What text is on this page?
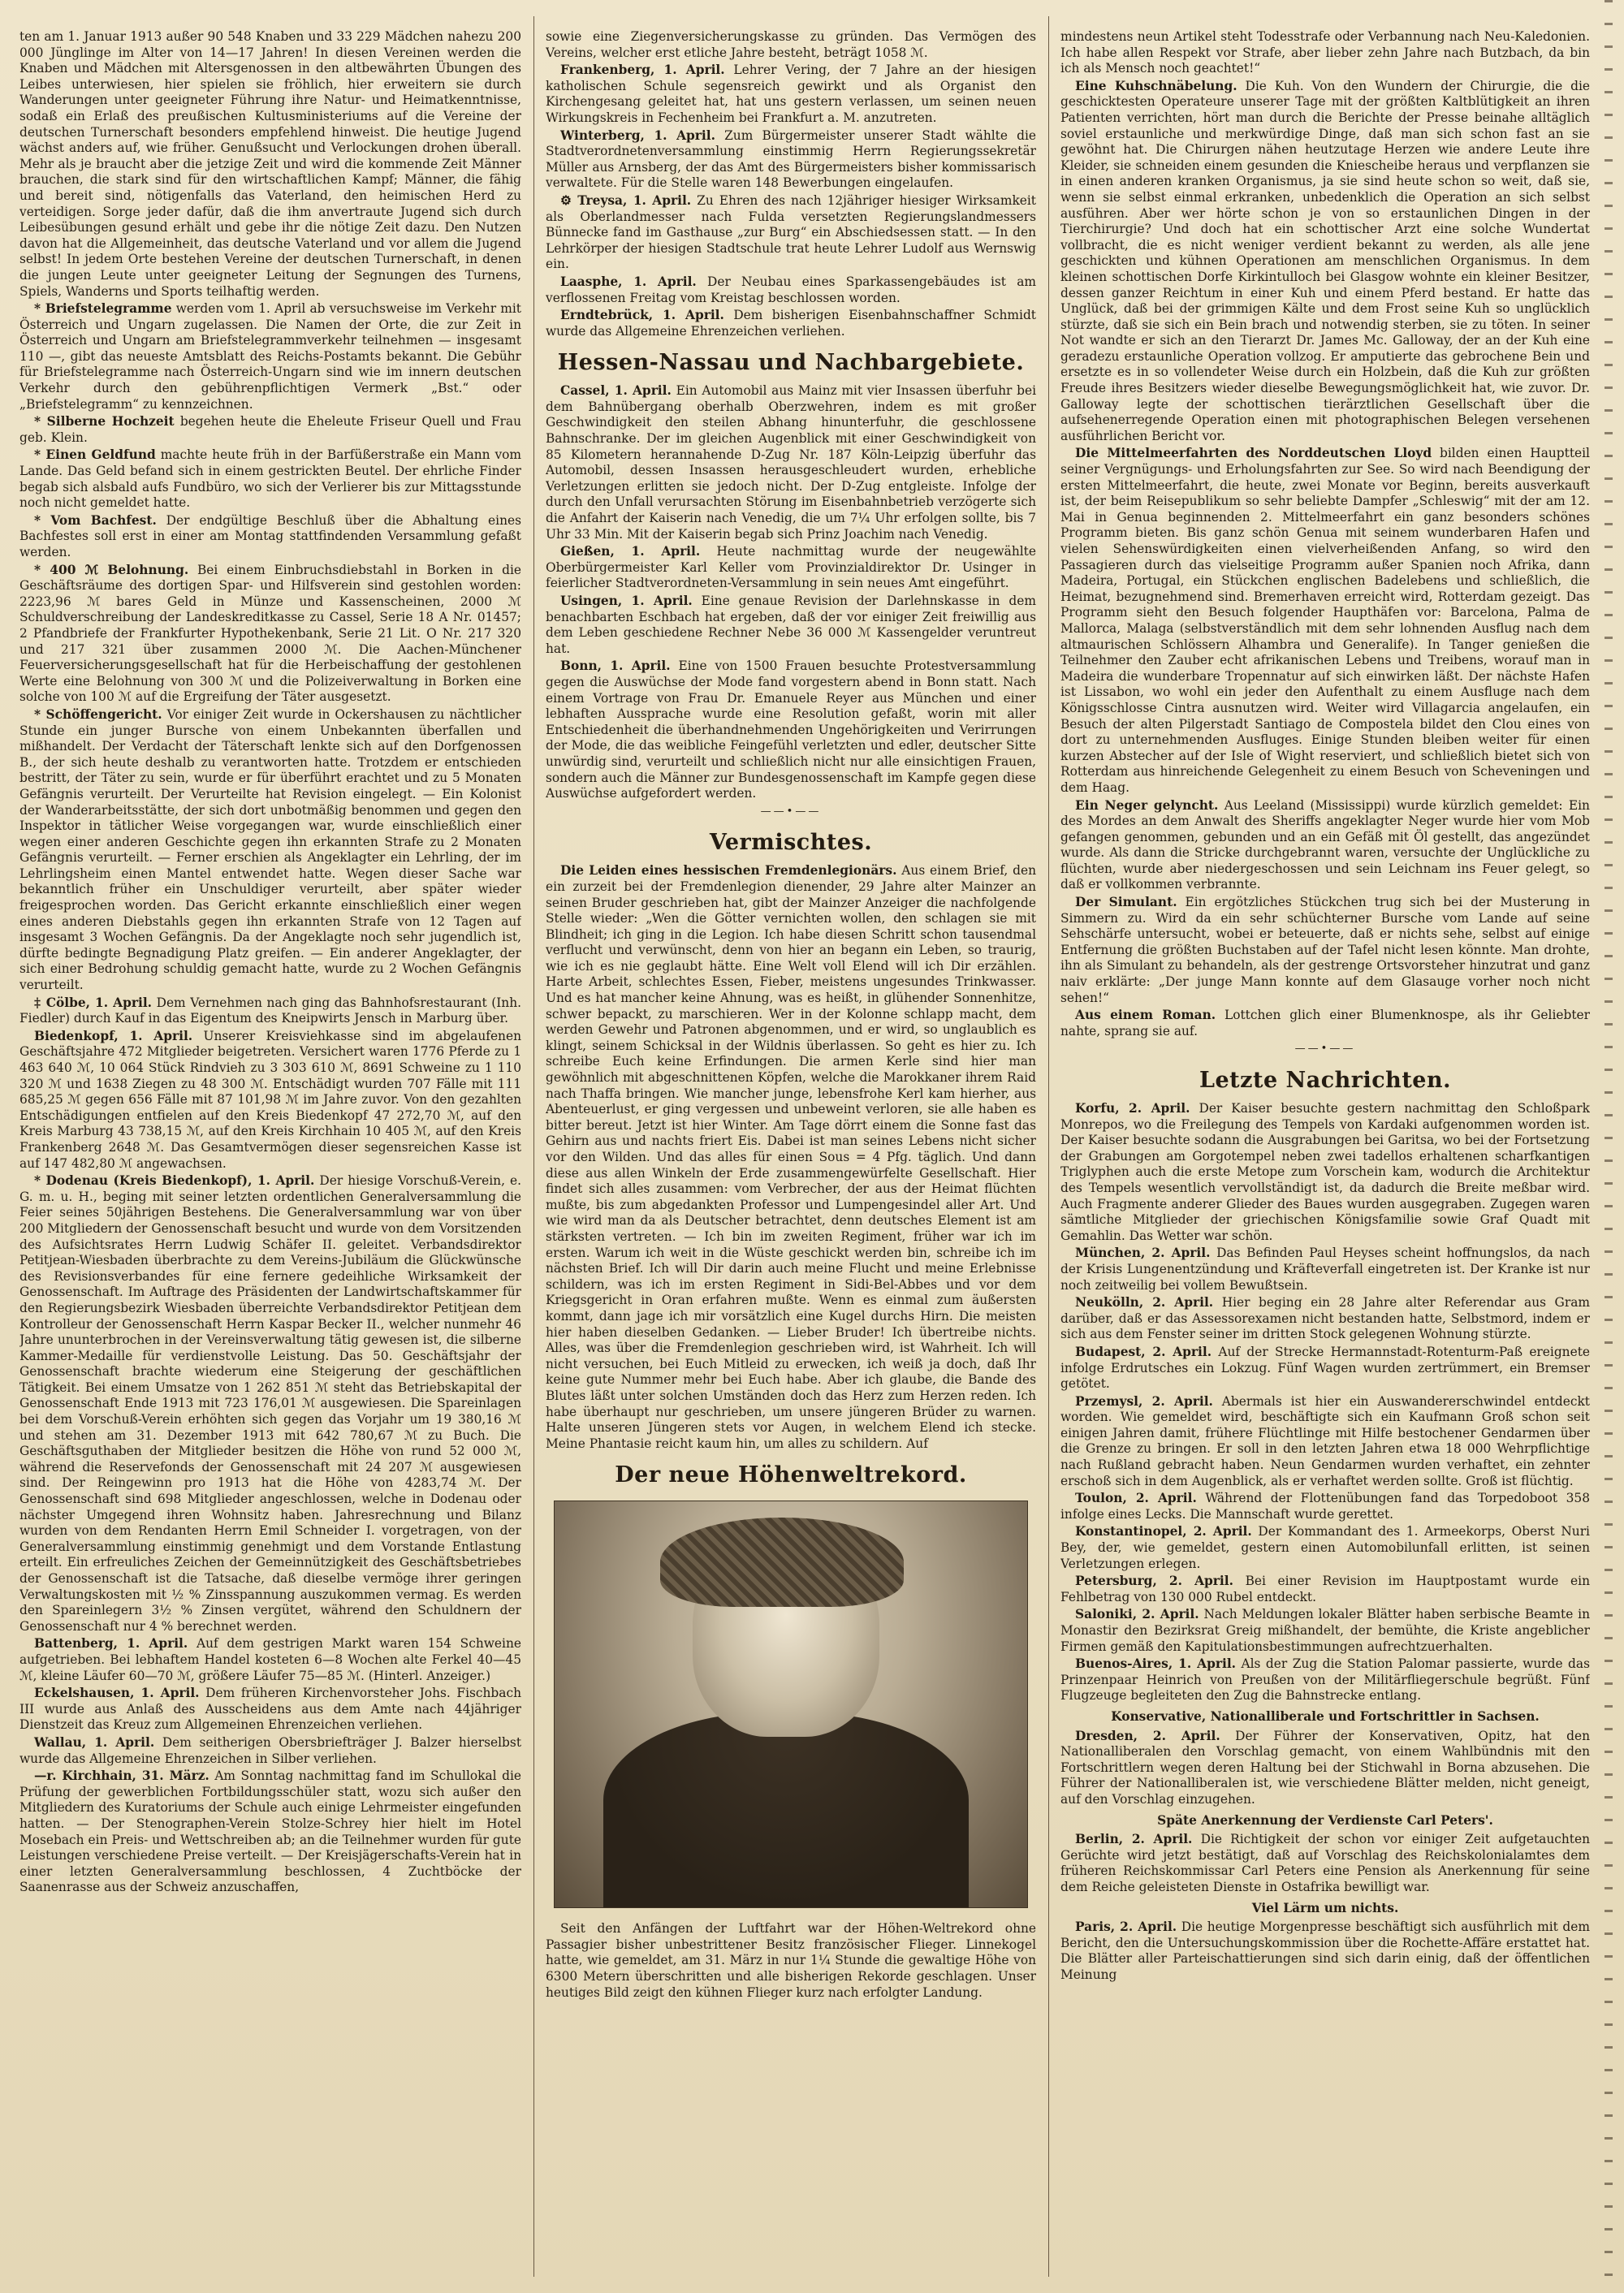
ten am 1. Januar 1913 außer 90 548 Knaben und 33 229 Mädchen nahezu 200 000 Jünglinge im Alter von 14—17 Jahren! In diesen Vereinen werden die Knaben und Mädchen mit Altersgenossen in den altbewährten Übungen des Leibes unterwiesen, hier spielen sie fröhlich, hier erweitern sie durch Wanderungen unter geeigneter Führung ihre Natur- und Heimatkenntnisse, sodaß ein Erlaß des preußischen Kultusministeriums auf die Vereine der deutschen Turnerschaft besonders empfehlend hinweist. Die heutige Jugend wächst anders auf, wie früher. Genußsucht und Verlockungen drohen überall. Mehr als je braucht aber die jetzige Zeit und wird die kommende Zeit Männer brauchen, die stark sind für den wirtschaftlichen Kampf; Männer, die fähig und bereit sind, nötigenfalls das Vaterland, den heimischen Herd zu verteidigen. Sorge jeder dafür, daß die ihm anvertraute Jugend sich durch Leibesübungen gesund erhält und gebe ihr die nötige Zeit dazu. Den Nutzen davon hat die Allgemeinheit, das deutsche Vaterland und vor allem die Jugend selbst! In jedem Orte bestehen Vereine der deutschen Turnerschaft, in denen die jungen Leute unter geeigneter Leitung der Segnungen des Turnens, Spiels, Wanderns und Sports teilhaftig werden.

* Briefstelegramme werden vom 1. April ab versuchsweise im Verkehr mit Österreich und Ungarn zugelassen. Die Namen der Orte, die zur Zeit in Österreich und Ungarn am Briefstelegrammverkehr teilnehmen — insgesamt 110 —, gibt das neueste Amtsblatt des Reichs-Postamts bekannt. Die Gebühr für Briefstelegramme nach Österreich-Ungarn sind wie im innern deutschen Verkehr durch den gebührenpflichtigen Vermerk „Bst.“ oder „Briefstelegramm“ zu kennzeichnen.

* Silberne Hochzeit begehen heute die Eheleute Friseur Quell und Frau geb. Klein.

* Einen Geldfund machte heute früh in der Barfüßerstraße ein Mann vom Lande. Das Geld befand sich in einem gestrickten Beutel. Der ehrliche Finder begab sich alsbald aufs Fundbüro, wo sich der Verlierer bis zur Mittagsstunde noch nicht gemeldet hatte.

* Vom Bachfest. Der endgültige Beschluß über die Abhaltung eines Bachfestes soll erst in einer am Montag stattfindenden Versammlung gefaßt werden.

* 400 ℳ Belohnung. Bei einem Einbruchsdiebstahl in Borken in die Geschäftsräume des dortigen Spar- und Hilfsverein sind gestohlen worden: 2223,96 ℳ bares Geld in Münze und Kassenscheinen, 2000 ℳ Schuldverschreibung der Landeskreditkasse zu Cassel, Serie 18 A Nr. 01457; 2 Pfandbriefe der Frankfurter Hypothekenbank, Serie 21 Lit. O Nr. 217 320 und 217 321 über zusammen 2000 ℳ. Die Aachen-Münchener Feuerversicherungsgesellschaft hat für die Herbeischaffung der gestohlenen Werte eine Belohnung von 300 ℳ und die Polizeiverwaltung in Borken eine solche von 100 ℳ auf die Ergreifung der Täter ausgesetzt.

* Schöffengericht. Vor einiger Zeit wurde in Ockershausen zu nächtlicher Stunde ein junger Bursche von einem Unbekannten überfallen und mißhandelt. Der Verdacht der Täterschaft lenkte sich auf den Dorfgenossen B., der sich heute deshalb zu verantworten hatte. Trotzdem er entschieden bestritt, der Täter zu sein, wurde er für überführt erachtet und zu 5 Monaten Gefängnis verurteilt. Der Verurteilte hat Revision eingelegt. — Ein Kolonist der Wanderarbeitsstätte, der sich dort unbotmäßig benommen und gegen den Inspektor in tätlicher Weise vorgegangen war, wurde einschließlich einer wegen einer anderen Geschichte gegen ihn erkannten Strafe zu 2 Monaten Gefängnis verurteilt. — Ferner erschien als Angeklagter ein Lehrling, der im Lehrlingsheim einen Mantel entwendet hatte. Wegen dieser Sache war bekanntlich früher ein Unschuldiger verurteilt, aber später wieder freigesprochen worden. Das Gericht erkannte einschließlich einer wegen eines anderen Diebstahls gegen ihn erkannten Strafe von 12 Tagen auf insgesamt 3 Wochen Gefängnis. Da der Angeklagte noch sehr jugendlich ist, dürfte bedingte Begnadigung Platz greifen. — Ein anderer Angeklagter, der sich einer Bedrohung schuldig gemacht hatte, wurde zu 2 Wochen Gefängnis verurteilt.

‡ Cölbe, 1. April. Dem Vernehmen nach ging das Bahnhofsrestaurant (Inh. Fiedler) durch Kauf in das Eigentum des Kneipwirts Jensch in Marburg über.

Biedenkopf, 1. April. Unserer Kreisviehkasse sind im abgelaufenen Geschäftsjahre 472 Mitglieder beigetreten. Versichert waren 1776 Pferde zu 1 463 640 ℳ, 10 064 Stück Rindvieh zu 3 303 610 ℳ, 8691 Schweine zu 1 110 320 ℳ und 1638 Ziegen zu 48 300 ℳ. Entschädigt wurden 707 Fälle mit 111 685,25 ℳ gegen 656 Fälle mit 87 101,98 ℳ im Jahre zuvor. Von den gezahlten Entschädigungen entfielen auf den Kreis Biedenkopf 47 272,70 ℳ, auf den Kreis Marburg 43 738,15 ℳ, auf den Kreis Kirchhain 10 405 ℳ, auf den Kreis Frankenberg 2648 ℳ. Das Gesamtvermögen dieser segensreichen Kasse ist auf 147 482,80 ℳ angewachsen.

* Dodenau (Kreis Biedenkopf), 1. April. Der hiesige Vorschuß-Verein, e. G. m. u. H., beging mit seiner letzten ordentlichen Generalversammlung die Feier seines 50jährigen Bestehens. Die Generalversammlung war von über 200 Mitgliedern der Genossenschaft besucht und wurde von dem Vorsitzenden des Aufsichtsrates Herrn Ludwig Schäfer II. geleitet. Verbandsdirektor Petitjean-Wiesbaden überbrachte zu dem Vereins-Jubiläum die Glückwünsche des Revisionsverbandes für eine fernere gedeihliche Wirksamkeit der Genossenschaft. Im Auftrage des Präsidenten der Landwirtschaftskammer für den Regierungsbezirk Wiesbaden überreichte Verbandsdirektor Petitjean dem Kontrolleur der Genossenschaft Herrn Kaspar Becker II., welcher nunmehr 46 Jahre ununterbrochen in der Vereinsverwaltung tätig gewesen ist, die silberne Kammer-Medaille für verdienstvolle Leistung. Das 50. Geschäftsjahr der Genossenschaft brachte wiederum eine Steigerung der geschäftlichen Tätigkeit. Bei einem Umsatze von 1 262 851 ℳ steht das Betriebskapital der Genossenschaft Ende 1913 mit 723 176,01 ℳ ausgewiesen. Die Spareinlagen bei dem Vorschuß-Verein erhöhten sich gegen das Vorjahr um 19 380,16 ℳ und stehen am 31. Dezember 1913 mit 642 780,67 ℳ zu Buch. Die Geschäftsguthaben der Mitglieder besitzen die Höhe von rund 52 000 ℳ, während die Reservefonds der Genossenschaft mit 24 207 ℳ ausgewiesen sind. Der Reingewinn pro 1913 hat die Höhe von 4283,74 ℳ. Der Genossenschaft sind 698 Mitglieder angeschlossen, welche in Dodenau oder nächster Umgegend ihren Wohnsitz haben. Jahresrechnung und Bilanz wurden von dem Rendanten Herrn Emil Schneider I. vorgetragen, von der Generalversammlung einstimmig genehmigt und dem Vorstande Entlastung erteilt. Ein erfreuliches Zeichen der Gemeinnützigkeit des Geschäftsbetriebes der Genossenschaft ist die Tatsache, daß dieselbe vermöge ihrer geringen Verwaltungskosten mit ½ % Zinsspannung auszukommen vermag. Es werden den Spareinlegern 3½ % Zinsen vergütet, während den Schuldnern der Genossenschaft nur 4 % berechnet werden.

Battenberg, 1. April. Auf dem gestrigen Markt waren 154 Schweine aufgetrieben. Bei lebhaftem Handel kosteten 6—8 Wochen alte Ferkel 40—45 ℳ, kleine Läufer 60—70 ℳ, größere Läufer 75—85 ℳ. (Hinterl. Anzeiger.)

Eckelshausen, 1. April. Dem früheren Kirchenvorsteher Johs. Fischbach III wurde aus Anlaß des Ausscheidens aus dem Amte nach 44jähriger Dienstzeit das Kreuz zum Allgemeinen Ehrenzeichen verliehen.

Wallau, 1. April. Dem seitherigen Obersbriefträger J. Balzer hierselbst wurde das Allgemeine Ehrenzeichen in Silber verliehen.

—r. Kirchhain, 31. März. Am Sonntag nachmittag fand im Schullokal die Prüfung der gewerblichen Fortbildungsschüler statt, wozu sich außer den Mitgliedern des Kuratoriums der Schule auch einige Lehrmeister eingefunden hatten. — Der Stenographen-Verein Stolze-Schrey hier hielt im Hotel Mosebach ein Preis- und Wettschreiben ab; an die Teilnehmer wurden für gute Leistungen verschiedene Preise verteilt. — Der Kreisjägerschafts-Verein hat in einer letzten Generalversammlung beschlossen, 4 Zuchtböcke der Saanenrasse aus der Schweiz anzuschaffen,

sowie eine Ziegenversicherungskasse zu gründen. Das Vermögen des Vereins, welcher erst etliche Jahre besteht, beträgt 1058 ℳ.

Frankenberg, 1. April. Lehrer Vering, der 7 Jahre an der hiesigen katholischen Schule segensreich gewirkt und als Organist den Kirchengesang geleitet hat, hat uns gestern verlassen, um seinen neuen Wirkungskreis in Fechenheim bei Frankfurt a. M. anzutreten.

Winterberg, 1. April. Zum Bürgermeister unserer Stadt wählte die Stadtverordnetenversammlung einstimmig Herrn Regierungssekretär Müller aus Arnsberg, der das Amt des Bürgermeisters bisher kommissarisch verwaltete. Für die Stelle waren 148 Bewerbungen eingelaufen.

⚙ Treysa, 1. April. Zu Ehren des nach 12jähriger hiesiger Wirksamkeit als Oberlandmesser nach Fulda versetzten Regierungslandmessers Bünnecke fand im Gasthause „zur Burg“ ein Abschiedsessen statt. — In den Lehrkörper der hiesigen Stadtschule trat heute Lehrer Ludolf aus Wernswig ein.

Laasphe, 1. April. Der Neubau eines Sparkassengebäudes ist am verflossenen Freitag vom Kreistag beschlossen worden.

Erndtebrück, 1. April. Dem bisherigen Eisenbahnschaffner Schmidt wurde das Allgemeine Ehrenzeichen verliehen.

Hessen-Nassau und Nachbargebiete.

Cassel, 1. April. Ein Automobil aus Mainz mit vier Insassen überfuhr bei dem Bahnübergang oberhalb Oberzwehren, indem es mit großer Geschwindigkeit den steilen Abhang hinunterfuhr, die geschlossene Bahnschranke. Der im gleichen Augenblick mit einer Geschwindigkeit von 85 Kilometern herannahende D-Zug Nr. 187 Köln-Leipzig überfuhr das Automobil, dessen Insassen herausgeschleudert wurden, erhebliche Verletzungen erlitten sie jedoch nicht. Der D-Zug entgleiste. Infolge der durch den Unfall verursachten Störung im Eisenbahnbetrieb verzögerte sich die Anfahrt der Kaiserin nach Venedig, die um 7¼ Uhr erfolgen sollte, bis 7 Uhr 33 Min. Mit der Kaiserin begab sich Prinz Joachim nach Venedig.

Gießen, 1. April. Heute nachmittag wurde der neugewählte Oberbürgermeister Karl Keller vom Provinzialdirektor Dr. Usinger in feierlicher Stadtverordneten-Versammlung in sein neues Amt eingeführt.

Usingen, 1. April. Eine genaue Revision der Darlehnskasse in dem benachbarten Eschbach hat ergeben, daß der vor einiger Zeit freiwillig aus dem Leben geschiedene Rechner Nebe 36 000 ℳ Kassengelder veruntreut hat.

Bonn, 1. April. Eine von 1500 Frauen besuchte Protestversammlung gegen die Auswüchse der Mode fand vorgestern abend in Bonn statt. Nach einem Vortrage von Frau Dr. Emanuele Reyer aus München und einer lebhaften Aussprache wurde eine Resolution gefaßt, worin mit aller Entschiedenheit die überhandnehmenden Ungehörigkeiten und Verirrungen der Mode, die das weibliche Feingefühl verletzten und edler, deutscher Sitte unwürdig sind, verurteilt und schließlich nicht nur alle einsichtigen Frauen, sondern auch die Männer zur Bundesgenossenschaft im Kampfe gegen diese Auswüchse aufgefordert werden.

——•——
Vermischtes.

Die Leiden eines hessischen Fremdenlegionärs. Aus einem Brief, den ein zurzeit bei der Fremdenlegion dienender, 29 Jahre alter Mainzer an seinen Bruder geschrieben hat, gibt der Mainzer Anzeiger die nachfolgende Stelle wieder: „Wen die Götter vernichten wollen, den schlagen sie mit Blindheit; ich ging in die Legion. Ich habe diesen Schritt schon tausendmal verflucht und verwünscht, denn von hier an begann ein Leben, so traurig, wie ich es nie geglaubt hätte. Eine Welt voll Elend will ich Dir erzählen. Harte Arbeit, schlechtes Essen, Fieber, meistens ungesundes Trinkwasser. Und es hat mancher keine Ahnung, was es heißt, in glühender Sonnenhitze, schwer bepackt, zu marschieren. Wer in der Kolonne schlapp macht, dem werden Gewehr und Patronen abgenommen, und er wird, so unglaublich es klingt, seinem Schicksal in der Wildnis überlassen. So geht es hier zu. Ich schreibe Euch keine Erfindungen. Die armen Kerle sind hier man gewöhnlich mit abgeschnittenen Köpfen, welche die Marokkaner ihrem Raid nach Thaffa bringen. Wie mancher junge, lebensfrohe Kerl kam hierher, aus Abenteuerlust, er ging vergessen und unbeweint verloren, sie alle haben es bitter bereut. Jetzt ist hier Winter. Am Tage dörrt einem die Sonne fast das Gehirn aus und nachts friert Eis. Dabei ist man seines Lebens nicht sicher vor den Wilden. Und das alles für einen Sous = 4 Pfg. täglich. Und dann diese aus allen Winkeln der Erde zusammengewürfelte Gesellschaft. Hier findet sich alles zusammen: vom Verbrecher, der aus der Heimat flüchten mußte, bis zum abgedankten Professor und Lumpengesindel aller Art. Und wie wird man da als Deutscher betrachtet, denn deutsches Element ist am stärksten vertreten. — Ich bin im zweiten Regiment, früher war ich im ersten. Warum ich weit in die Wüste geschickt werden bin, schreibe ich im nächsten Brief. Ich will Dir darin auch meine Flucht und meine Erlebnisse schildern, was ich im ersten Regiment in Sidi-Bel-Abbes und vor dem Kriegsgericht in Oran erfahren mußte. Wenn es einmal zum äußersten kommt, dann jage ich mir vorsätzlich eine Kugel durchs Hirn. Die meisten hier haben dieselben Gedanken. — Lieber Bruder! Ich übertreibe nichts. Alles, was über die Fremdenlegion geschrieben wird, ist Wahrheit. Ich will nicht versuchen, bei Euch Mitleid zu erwecken, ich weiß ja doch, daß Ihr keine gute Nummer mehr bei Euch habe. Aber ich glaube, die Bande des Blutes läßt unter solchen Umständen doch das Herz zum Herzen reden. Ich habe überhaupt nur geschrieben, um unsere jüngeren Brüder zu warnen. Halte unseren Jüngeren stets vor Augen, in welchem Elend ich stecke. Meine Phantasie reicht kaum hin, um alles zu schildern. Auf

Der neue Höhenweltrekord.

Seit den Anfängen der Luftfahrt war der Höhen-Weltrekord ohne Passagier bisher unbestrittener Besitz französischer Flieger. Linnekogel hatte, wie gemeldet, am 31. März in nur 1¼ Stunde die gewaltige Höhe von 6300 Metern überschritten und alle bisherigen Rekorde geschlagen. Unser heutiges Bild zeigt den kühnen Flieger kurz nach erfolgter Landung.

mindestens neun Artikel steht Todesstrafe oder Verbannung nach Neu-Kaledonien. Ich habe allen Respekt vor Strafe, aber lieber zehn Jahre nach Butzbach, da bin ich als Mensch noch geachtet!“

Eine Kuhschnäbelung. Die Kuh. Von den Wundern der Chirurgie, die die geschicktesten Operateure unserer Tage mit der größten Kaltblütigkeit an ihren Patienten verrichten, hört man durch die Berichte der Presse beinahe alltäglich soviel erstaunliche und merkwürdige Dinge, daß man sich schon fast an sie gewöhnt hat. Die Chirurgen nähen heutzutage Herzen wie andere Leute ihre Kleider, sie schneiden einem gesunden die Kniescheibe heraus und verpflanzen sie in einen anderen kranken Organismus, ja sie sind heute schon so weit, daß sie, wenn sie selbst einmal erkranken, unbedenklich die Operation an sich selbst ausführen. Aber wer hörte schon je von so erstaunlichen Dingen in der Tierchirurgie? Und doch hat ein schottischer Arzt eine solche Wundertat vollbracht, die es nicht weniger verdient bekannt zu werden, als alle jene geschickten und kühnen Operationen am menschlichen Organismus. In dem kleinen schottischen Dorfe Kirkintulloch bei Glasgow wohnte ein kleiner Besitzer, dessen ganzer Reichtum in einer Kuh und einem Pferd bestand. Er hatte das Unglück, daß bei der grimmigen Kälte und dem Frost seine Kuh so unglücklich stürzte, daß sie sich ein Bein brach und notwendig sterben, sie zu töten. In seiner Not wandte er sich an den Tierarzt Dr. James Mc. Galloway, der an der Kuh eine geradezu erstaunliche Operation vollzog. Er amputierte das gebrochene Bein und ersetzte es in so vollendeter Weise durch ein Holzbein, daß die Kuh zur größten Freude ihres Besitzers wieder dieselbe Bewegungsmöglichkeit hat, wie zuvor. Dr. Galloway legte der schottischen tierärztlichen Gesellschaft über die aufsehenerregende Operation einen mit photographischen Belegen versehenen ausführlichen Bericht vor.

Die Mittelmeerfahrten des Norddeutschen Lloyd bilden einen Hauptteil seiner Vergnügungs- und Erholungsfahrten zur See. So wird nach Beendigung der ersten Mittelmeerfahrt, die heute, zwei Monate vor Beginn, bereits ausverkauft ist, der beim Reisepublikum so sehr beliebte Dampfer „Schleswig“ mit der am 12. Mai in Genua beginnenden 2. Mittelmeerfahrt ein ganz besonders schönes Programm bieten. Bis ganz schön Genua mit seinem wunderbaren Hafen und vielen Sehenswürdigkeiten einen vielverheißenden Anfang, so wird den Passagieren durch das vielseitige Programm außer Spanien noch Afrika, dann Madeira, Portugal, ein Stückchen englischen Badelebens und schließlich, die Heimat, bezugnehmend sind. Bremerhaven erreicht wird, Rotterdam gezeigt. Das Programm sieht den Besuch folgender Haupthäfen vor: Barcelona, Palma de Mallorca, Malaga (selbstverständlich mit dem sehr lohnenden Ausflug nach dem altmaurischen Schlössern Alhambra und Generalife). In Tanger genießen die Teilnehmer den Zauber echt afrikanischen Lebens und Treibens, worauf man in Madeira die wunderbare Tropennatur auf sich einwirken läßt. Der nächste Hafen ist Lissabon, wo wohl ein jeder den Aufenthalt zu einem Ausfluge nach dem Königsschlosse Cintra ausnutzen wird. Weiter wird Villagarcia angelaufen, ein Besuch der alten Pilgerstadt Santiago de Compostela bildet den Clou eines von dort zu unternehmenden Ausfluges. Einige Stunden bleiben weiter für einen kurzen Abstecher auf der Isle of Wight reserviert, und schließlich bietet sich von Rotterdam aus hinreichende Gelegenheit zu einem Besuch von Scheveningen und dem Haag.

Ein Neger gelyncht. Aus Leeland (Mississippi) wurde kürzlich gemeldet: Ein des Mordes an dem Anwalt des Sheriffs angeklagter Neger wurde hier vom Mob gefangen genommen, gebunden und an ein Gefäß mit Öl gestellt, das angezündet wurde. Als dann die Stricke durchgebrannt waren, versuchte der Unglückliche zu flüchten, wurde aber niedergeschossen und sein Leichnam ins Feuer gelegt, so daß er vollkommen verbrannte.

Der Simulant. Ein ergötzliches Stückchen trug sich bei der Musterung in Simmern zu. Wird da ein sehr schüchterner Bursche vom Lande auf seine Sehschärfe untersucht, wobei er beteuerte, daß er nichts sehe, selbst auf einige Entfernung die größten Buchstaben auf der Tafel nicht lesen könnte. Man drohte, ihn als Simulant zu behandeln, als der gestrenge Ortsvorsteher hinzutrat und ganz naiv erklärte: „Der junge Mann konnte auf dem Glasauge vorher noch nicht sehen!“

Aus einem Roman. Lottchen glich einer Blumenknospe, als ihr Geliebter nahte, sprang sie auf.

——•——
Letzte Nachrichten.

Korfu, 2. April. Der Kaiser besuchte gestern nachmittag den Schloßpark Monrepos, wo die Freilegung des Tempels von Kardaki aufgenommen worden ist. Der Kaiser besuchte sodann die Ausgrabungen bei Garitsa, wo bei der Fortsetzung der Grabungen am Gorgotempel neben zwei tadellos erhaltenen scharfkantigen Triglyphen auch die erste Metope zum Vorschein kam, wodurch die Architektur des Tempels wesentlich vervollständigt ist, da dadurch die Breite meßbar wird. Auch Fragmente anderer Glieder des Baues wurden ausgegraben. Zugegen waren sämtliche Mitglieder der griechischen Königsfamilie sowie Graf Quadt mit Gemahlin. Das Wetter war schön.

München, 2. April. Das Befinden Paul Heyses scheint hoffnungslos, da nach der Krisis Lungenentzündung und Kräfteverfall eingetreten ist. Der Kranke ist nur noch zeitweilig bei vollem Bewußtsein.

Neukölln, 2. April. Hier beging ein 28 Jahre alter Referendar aus Gram darüber, daß er das Assessorexamen nicht bestanden hatte, Selbstmord, indem er sich aus dem Fenster seiner im dritten Stock gelegenen Wohnung stürzte.

Budapest, 2. April. Auf der Strecke Hermannstadt-Rotenturm-Paß ereignete infolge Erdrutsches ein Lokzug. Fünf Wagen wurden zertrümmert, ein Bremser getötet.

Przemysl, 2. April. Abermals ist hier ein Auswandererschwindel entdeckt worden. Wie gemeldet wird, beschäftigte sich ein Kaufmann Groß schon seit einigen Jahren damit, frühere Flüchtlinge mit Hilfe bestochener Gendarmen über die Grenze zu bringen. Er soll in den letzten Jahren etwa 18 000 Wehrpflichtige nach Rußland gebracht haben. Neun Gendarmen wurden verhaftet, ein zehnter erschoß sich in dem Augenblick, als er verhaftet werden sollte. Groß ist flüchtig.

Toulon, 2. April. Während der Flottenübungen fand das Torpedoboot 358 infolge eines Lecks. Die Mannschaft wurde gerettet.

Konstantinopel, 2. April. Der Kommandant des 1. Armeekorps, Oberst Nuri Bey, der, wie gemeldet, gestern einen Automobilunfall erlitten, ist seinen Verletzungen erlegen.

Petersburg, 2. April. Bei einer Revision im Hauptpostamt wurde ein Fehlbetrag von 130 000 Rubel entdeckt.

Saloniki, 2. April. Nach Meldungen lokaler Blätter haben serbische Beamte in Monastir den Bezirksrat Greig mißhandelt, der bemühte, die Kriste angeblicher Firmen gemäß den Kapitulationsbestimmungen aufrechtzuerhalten.

Buenos-Aires, 1. April. Als der Zug die Station Palomar passierte, wurde das Prinzenpaar Heinrich von Preußen von der Militärfliegerschule begrüßt. Fünf Flugzeuge begleiteten den Zug die Bahnstrecke entlang.

Konservative, Nationalliberale und Fortschrittler in Sachsen.

Dresden, 2. April. Der Führer der Konservativen, Opitz, hat den Nationalliberalen den Vorschlag gemacht, von einem Wahlbündnis mit den Fortschrittlern wegen deren Haltung bei der Stichwahl in Borna abzusehen. Die Führer der Nationalliberalen ist, wie verschiedene Blätter melden, nicht geneigt, auf den Vorschlag einzugehen.

Späte Anerkennung der Verdienste Carl Peters'.

Berlin, 2. April. Die Richtigkeit der schon vor einiger Zeit aufgetauchten Gerüchte wird jetzt bestätigt, daß auf Vorschlag des Reichskolonialamtes dem früheren Reichskommissar Carl Peters eine Pension als Anerkennung für seine dem Reiche geleisteten Dienste in Ostafrika bewilligt war.

Viel Lärm um nichts.

Paris, 2. April. Die heutige Morgenpresse beschäftigt sich ausführlich mit dem Bericht, den die Untersuchungskommission über die Rochette-Affäre erstattet hat. Die Blätter aller Parteischattierungen sind sich darin einig, daß der öffentlichen Meinung
